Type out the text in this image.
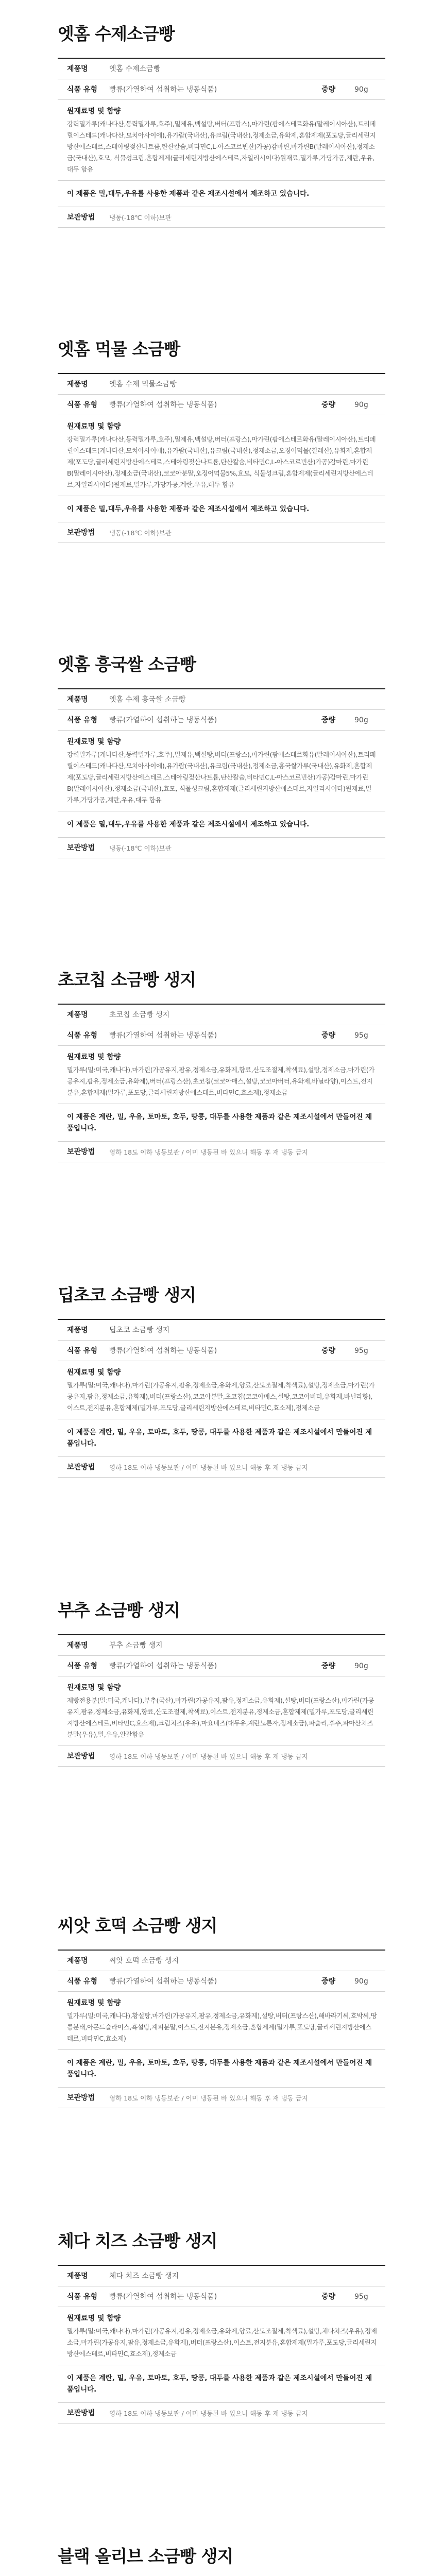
엣홈 수제소금빵
제품명	엣홈 수제소금빵
식품 유형 빵류(가열하여 섭취하는 냉동식품)	중량	90g
원재료명 및 함량
강력밀가루(캐나다산,동력밀가루,호주),밀제유,백설탕,버터(프랑스),마가린(팜에스테르화유(말레이시아산),트리페릴이스테드(캐나다산,모치아사이에),유가람(국내산),유크림(국내산),정제소금,유화제,혼합제제(포도당,글리세린지방산에스테르,스테아링젖산나트륨,탄산칼슘,비타민C,L-아스코르빈산)가공)감마린,마가린B(말레이시아산),정제소금(국내산),효모, 식물성크림,혼합제제(글리세린지방산에스테르,자일리시이다)원재료,밀가루,가당가공,계란,우유,대두 함유
이 제품은 밀,대두,우유를 사용한 제품과 같은 제조시설에서 제조하고 있습니다.
보관방법 냉동(-18℃ 이하)보관
엣홈 먹물 소금빵
제품명	엣홈 수제 먹물소금빵
식품 유형 빵류(가열하여 섭취하는 냉동식품)	중량	90g
원재료명 및 함량
강력밀가루(캐나다산,동력밀가루,호주),밀제유,백설탕,버터(프랑스),마가린(팜에스테르화유(말레이시아산),트리페릴이스테드(캐나다산,모치아사이에),유가람(국내산),유크림(국내산),정제소금,오징어먹물(칠레산),유화제,혼합제제(포도당,글리세린지방산에스테르,스테아링젖산나트륨,탄산칼슘,비타민C,L-아스코르빈산)가공)감마린,마가린B(말레이시아산),정제소금(국내산),코코아분말,오징어먹물5%,효모, 식물성크림,혼합제제(글리세린지방산에스테르,자일리시이다)원재료,밀가루,가당가공,계란,우유,대두 함유
이 제품은 밀,대두,우유를 사용한 제품과 같은 제조시설에서 제조하고 있습니다.
보관방법 냉동(-18℃ 이하)보관
엣홈 흥국쌀 소금빵
제품명	엣홈 수제 흥국쌀 소금빵
식품 유형 빵류(가열하여 섭취하는 냉동식품)	중량	90g
원재료명 및 함량
강력밀가루(캐나다산,동력밀가루,호주),밀제유,백설탕,버터(프랑스),마가린(팜에스테르화유(말레이시아산),트리페릴이스테드(캐나다산,모치아사이에),유가람(국내산),유크림(국내산),정제소금,흥국쌀가루(국내산),유화제,혼합제제(포도당,글리세린지방산에스테르,스테아링젖산나트륨,탄산칼슘,비타민C,L-아스코르빈산)가공)감마린,마가린B(말레이시아산),정제소금(국내산),효모, 식물성크림,혼합제제(글리세린지방산에스테르,자일리시이다)원재료,밀가루,가당가공,계란,우유,대두 함유
이 제품은 밀,대두,우유를 사용한 제품과 같은 제조시설에서 제조하고 있습니다.
보관방법 냉동(-18℃ 이하)보관
초코칩 소금빵 생지
제품명	초코칩 소금빵 생지
식품 유형 빵류(가열하여 섭취하는 냉동식품)	중량	95g
원재료명 및 함량
밀가루(밀:미국,캐나다),마가린(가공유지,팜유,정제소금,유화제,향료,산도조절제,착색료),설탕,정제소금,마가린(가공유지,팜유,정제소금,유화제),버터(프랑스산),초코칩(코코아매스,설탕,코코아버터,유화제,바닐라향),이스트,전지분유,혼합제제(밀가루,포도당,글리세린지방산에스테르,비타민C,효소제),정제소금
이 제품은 계란, 밀, 우유, 토마토, 호두, 땅콩, 대두를 사용한 제품과 같은 제조시설에서 만들어진 제품입니다.
보관방법 영하 18도 이하 냉동보관 / 이미 냉동된 바 있으니 해동 후 재 냉동 금지
딥초코 소금빵 생지
제품명	딥초코 소금빵 생지
식품 유형 빵류(가열하여 섭취하는 냉동식품)	중량	95g
원재료명 및 함량
밀가루(밀:미국,캐나다),마가린(가공유지,팜유,정제소금,유화제,향료,산도조절제,착색료),설탕,정제소금,마가린(가공유지,팜유,정제소금,유화제),버터(프랑스산),코코아분말,초코칩(코코아매스,설탕,코코아버터,유화제,바닐라향),이스트,전지분유,혼합제제(밀가루,포도당,글리세린지방산에스테르,비타민C,효소제),정제소금
이 제품은 계란, 밀, 우유, 토마토, 호두, 땅콩, 대두를 사용한 제품과 같은 제조시설에서 만들어진 제품입니다.
보관방법 영하 18도 이하 냉동보관 / 이미 냉동된 바 있으니 해동 후 재 냉동 금지
부추 소금빵 생지
제품명	부추 소금빵 생지
식품 유형 빵류(가열하여 섭취하는 냉동식품)	중량	90g
원재료명 및 함량
제빵전용분(밀:미국,캐나다),부추(국산),마가린(가공유지,팜유,정제소금,유화제),설탕,버터(프랑스산),마가린(가공유지,팜유,정제소금,유화제,향료,산도조절제,착색료),이스트,전지분유,정제소금,혼합제제(밀가루,포도당,글리세린지방산에스테르,비타민C,효소제),크림치즈(우유),마요네즈(대두유,계란노른자,정제소금),파슬리,후추,파마산치즈분말(우유),밀,우유,알갈함유
보관방법 영하 18도 이하 냉동보관 / 이미 냉동된 바 있으니 해동 후 재 냉동 금지
씨앗 호떡 소금빵 생지
제품명	씨앗 호떡 소금빵 생지
식품 유형 빵류(가열하여 섭취하는 냉동식품)	중량	90g
원재료명 및 함량
밀가루(밀:미국,캐나다),황설탕,마가린(가공유지,팜유,정제소금,유화제),설탕,버터(프랑스산),해바라기씨,호박씨,땅콩분태,아몬드슬라이스,흑설탕,계피분말,이스트,전지분유,정제소금,혼합제제(밀가루,포도당,글리세린지방산에스테르,비타민C,효소제)
이 제품은 계란, 밀, 우유, 토마토, 호두, 땅콩, 대두를 사용한 제품과 같은 제조시설에서 만들어진 제품입니다.
보관방법 영하 18도 이하 냉동보관 / 이미 냉동된 바 있으니 해동 후 재 냉동 금지
체다 치즈 소금빵 생지
제품명	체다 치즈 소금빵 생지
식품 유형 빵류(가열하여 섭취하는 냉동식품)	중량	95g
원재료명 및 함량
밀가루(밀:미국,캐나다),마가린(가공유지,팜유,정제소금,유화제,향료,산도조절제,착색료),설탕,체다치즈(우유),정제소금,마가린(가공유지,팜유,정제소금,유화제),버터(프랑스산),이스트,전지분유,혼합제제(밀가루,포도당,글리세린지방산에스테르,비타민C,효소제),정제소금
이 제품은 계란, 밀, 우유, 토마토, 호두, 땅콩, 대두를 사용한 제품과 같은 제조시설에서 만들어진 제품입니다.
보관방법 영하 18도 이하 냉동보관 / 이미 냉동된 바 있으니 해동 후 재 냉동 금지
블랙 올리브 소금빵 생지
